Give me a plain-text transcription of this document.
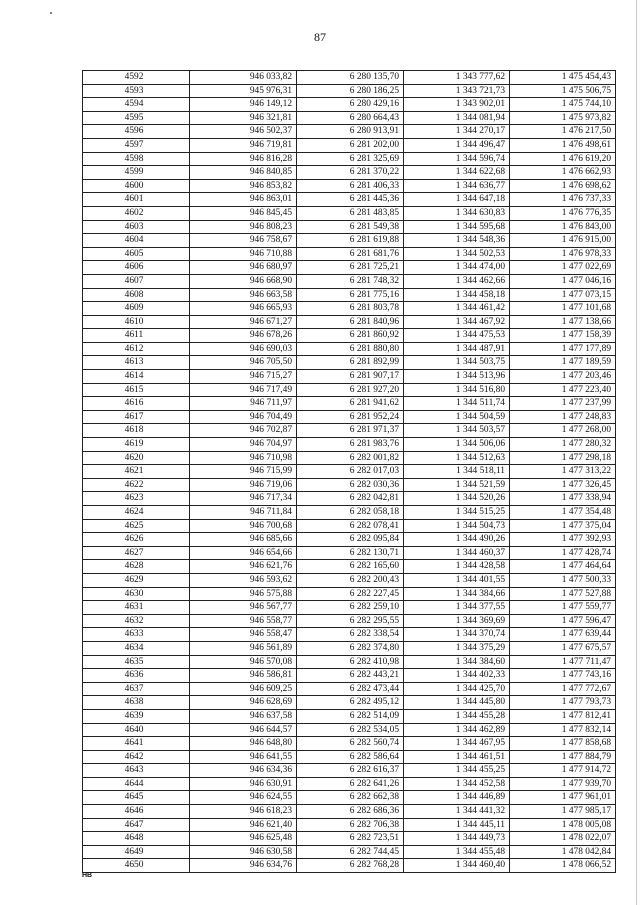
87
4592	946 033,82	6 280 135,70	1 343 777,62	1 475 454,43
4593	945 976,31	6 280 186,25	1 343 721,73	1 475 506,75
4594	946 149,12	6 280 429,16	1 343 902,01	1 475 744,10
4595	946 321,81	6 280 664,43	1 344 081,94	1 475 973,82
4596	946 502,37	6 280 913,91	1 344 270,17	1 476 217,50
4597	946 719,81	6 281 202,00	1 344 496,47	1 476 498,61
4598	946 816,28	6 281 325,69	1 344 596,74	1 476 619,20
4599	946 840,85	6 281 370,22	1 344 622,68	1 476 662,93
4600	946 853,82	6 281 406,33	1 344 636,77	1 476 698,62
4601	946 863,01	6 281 445,36	1 344 647,18	1 476 737,33
4602	946 845,45	6 281 483,85	1 344 630,83	1 476 776,35
4603	946 808,23	6 281 549,38	1 344 595,68	1 476 843,00
4604	946 758,67	6 281 619,88	1 344 548,36	1 476 915,00
4605	946 710,88	6 281 681,76	1 344 502,53	1 476 978,33
4606	946 680,97	6 281 725,21	1 344 474,00	1 477 022,69
4607	946 668,90	6 281 748,32	1 344 462,66	1 477 046,16
4608	946 663,58	6 281 775,16	1 344 458,18	1 477 073,15
4609	946 665,93	6 281 803,78	1 344 461,42	1 477 101,68
4610	946 671,27	6 281 840,96	1 344 467,92	1 477 138,66
4611	946 678,26	6 281 860,92	1 344 475,53	1 477 158,39
4612	946 690,03	6 281 880,80	1 344 487,91	1 477 177,89
4613	946 705,50	6 281 892,99	1 344 503,75	1 477 189,59
4614	946 715,27	6 281 907,17	1 344 513,96	1 477 203,46
4615	946 717,49	6 281 927,20	1 344 516,80	1 477 223,40
4616	946 711,97	6 281 941,62	1 344 511,74	1 477 237,99
4617	946 704,49	6 281 952,24	1 344 504,59	1 477 248,83
4618	946 702,87	6 281 971,37	1 344 503,57	1 477 268,00
4619	946 704,97	6 281 983,76	1 344 506,06	1 477 280,32
4620	946 710,98	6 282 001,82	1 344 512,63	1 477 298,18
4621	946 715,99	6 282 017,03	1 344 518,11	1 477 313,22
4622	946 719,06	6 282 030,36	1 344 521,59	1 477 326,45
4623	946 717,34	6 282 042,81	1 344 520,26	1 477 338,94
4624	946 711,84	6 282 058,18	1 344 515,25	1 477 354,48
4625	946 700,68	6 282 078,41	1 344 504,73	1 477 375,04
4626	946 685,66	6 282 095,84	1 344 490,26	1 477 392,93
4627	946 654,66	6 282 130,71	1 344 460,37	1 477 428,74
4628	946 621,76	6 282 165,60	1 344 428,58	1 477 464,64
4629	946 593,62	6 282 200,43	1 344 401,55	1 477 500,33
4630	946 575,88	6 282 227,45	1 344 384,66	1 477 527,88
4631	946 567,77	6 282 259,10	1 344 377,55	1 477 559,77
4632	946 558,77	6 282 295,55	1 344 369,69	1 477 596,47
4633	946 558,47	6 282 338,54	1 344 370,74	1 477 639,44
4634	946 561,89	6 282 374,80	1 344 375,29	1 477 675,57
4635	946 570,08	6 282 410,98	1 344 384,60	1 477 711,47
4636	946 586,81	6 282 443,21	1 344 402,33	1 477 743,16
4637	946 609,25	6 282 473,44	1 344 425,70	1 477 772,67
4638	946 628,69	6 282 495,12	1 344 445,80	1 477 793,73
4639	946 637,58	6 282 514,09	1 344 455,28	1 477 812,41
4640	946 644,57	6 282 534,05	1 344 462,89	1 477 832,14
4641	946 648,80	6 282 560,74	1 344 467,95	1 477 858,68
4642	946 641,55	6 282 586,64	1 344 461,51	1 477 884,79
4643	946 634,36	6 282 616,37	1 344 455,25	1 477 914,72
4644	946 630,91	6 282 641,26	1 344 452,58	1 477 939,70
4645	946 624,55	6 282 662,38	1 344 446,89	1 477 961,01
4646	946 618,23	6 282 686,36	1 344 441,32	1 477 985,17
4647	946 621,40	6 282 706,38	1 344 445,11	1 478 005,08
4648	946 625,48	6 282 723,51	1 344 449,73	1 478 022,07
4649	946 630,58	6 282 744,45	1 344 455,48	1 478 042,84
4650	946 634,76	6 282 768,28	1 344 460,40	1 478 066,52
НВ
